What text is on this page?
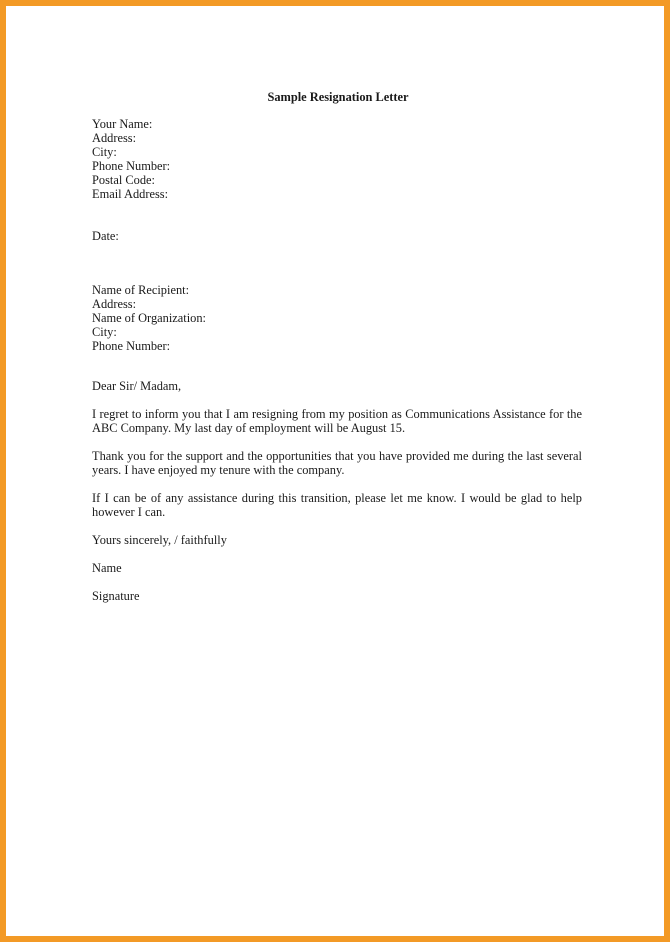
Sample Resignation Letter

Your Name:

Address:

City:

Phone Number:

Postal Code:

Email Address:

Date:

Name of Recipient:

Address:

Name of Organization:

City:

Phone Number:

Dear Sir/ Madam,

I regret to inform you that I am resigning from my position as Communications Assistance for the ABC Company. My last day of employment will be August 15.

Thank you for the support and the opportunities that you have provided me during the last several years. I have enjoyed my tenure with the company.

If I can be of any assistance during this transition, please let me know. I would be glad to help however I can.

Yours sincerely, / faithfully

Name

Signature
